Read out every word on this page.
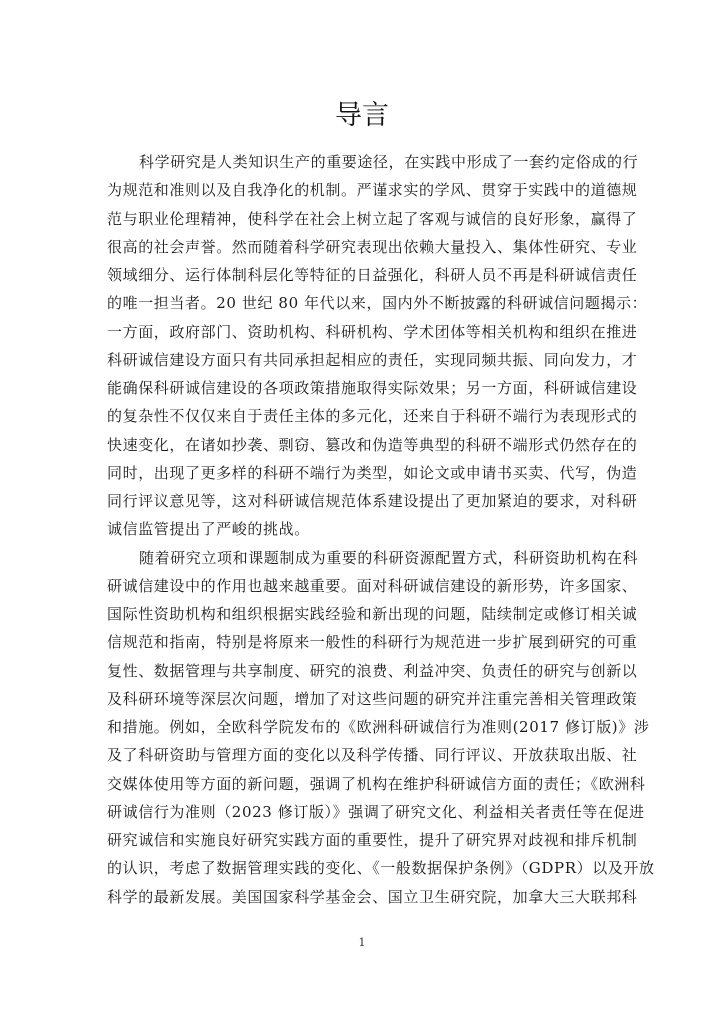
导言
科学研究是人类知识生产的重要途径，在实践中形成了一套约定俗成的行
为规范和准则以及自我净化的机制。严谨求实的学风、贯穿于实践中的道德规
范与职业伦理精神，使科学在社会上树立起了客观与诚信的良好形象，赢得了
很高的社会声誉。然而随着科学研究表现出依赖大量投入、集体性研究、专业
领域细分、运行体制科层化等特征的日益强化，科研人员不再是科研诚信责任
的唯一担当者。20 世纪 80 年代以来，国内外不断披露的科研诚信问题揭示：
一方面，政府部门、资助机构、科研机构、学术团体等相关机构和组织在推进
科研诚信建设方面只有共同承担起相应的责任，实现同频共振、同向发力，才
能确保科研诚信建设的各项政策措施取得实际效果；另一方面，科研诚信建设
的复杂性不仅仅来自于责任主体的多元化，还来自于科研不端行为表现形式的
快速变化，在诸如抄袭、剽窃、篡改和伪造等典型的科研不端形式仍然存在的
同时，出现了更多样的科研不端行为类型，如论文或申请书买卖、代写，伪造
同行评议意见等，这对科研诚信规范体系建设提出了更加紧迫的要求，对科研
诚信监管提出了严峻的挑战。
随着研究立项和课题制成为重要的科研资源配置方式，科研资助机构在科
研诚信建设中的作用也越来越重要。面对科研诚信建设的新形势，许多国家、
国际性资助机构和组织根据实践经验和新出现的问题，陆续制定或修订相关诚
信规范和指南，特别是将原来一般性的科研行为规范进一步扩展到研究的可重
复性、数据管理与共享制度、研究的浪费、利益冲突、负责任的研究与创新以
及科研环境等深层次问题，增加了对这些问题的研究并注重完善相关管理政策
和措施。例如，全欧科学院发布的《欧洲科研诚信行为准则(2017 修订版)》涉
及了科研资助与管理方面的变化以及科学传播、同行评议、开放获取出版、社
交媒体使用等方面的新问题，强调了机构在维护科研诚信方面的责任；《欧洲科
研诚信行为准则（2023 修订版）》强调了研究文化、利益相关者责任等在促进
研究诚信和实施良好研究实践方面的重要性，提升了研究界对歧视和排斥机制
的认识，考虑了数据管理实践的变化、《一般数据保护条例》（GDPR）以及开放
科学的最新发展。美国国家科学基金会、国立卫生研究院，加拿大三大联邦科
1
